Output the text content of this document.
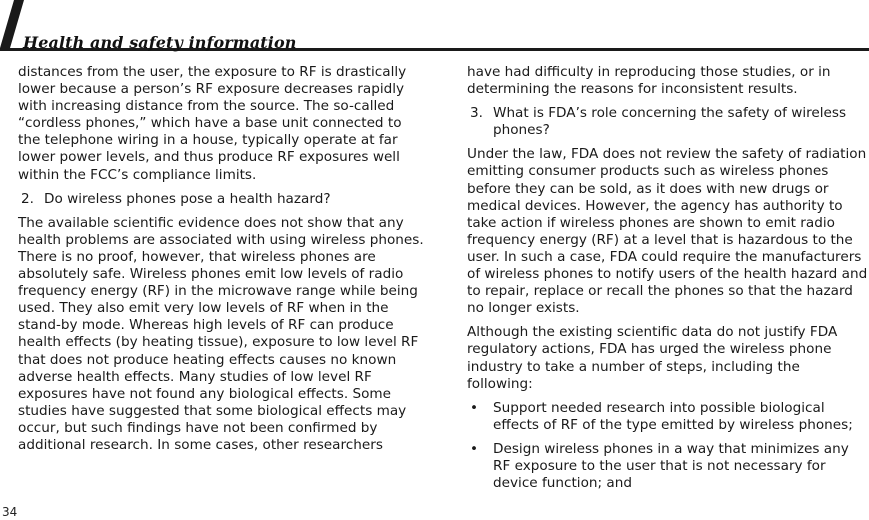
Health and safety information

distances from the user, the exposure to RF is drastically lower because a person’s RF exposure decreases rapidly with increasing distance from the source. The so-called “cordless phones,” which have a base unit connected to the telephone wiring in a house, typically operate at far lower power levels, and thus produce RF exposures well within the FCC’s compliance limits.

2. Do wireless phones pose a health hazard?

The available scientific evidence does not show that any health problems are associated with using wireless phones. There is no proof, however, that wireless phones are absolutely safe. Wireless phones emit low levels of radio frequency energy (RF) in the microwave range while being used. They also emit very low levels of RF when in the stand-by mode. Whereas high levels of RF can produce health effects (by heating tissue), exposure to low level RF that does not produce heating effects causes no known adverse health effects. Many studies of low level RF exposures have not found any biological effects. Some studies have suggested that some biological effects may occur, but such findings have not been confirmed by additional research. In some cases, other researchers

have had difficulty in reproducing those studies, or in determining the reasons for inconsistent results.

3. What is FDA’s role concerning the safety of wireless phones?

Under the law, FDA does not review the safety of radiation emitting consumer products such as wireless phones before they can be sold, as it does with new drugs or medical devices. However, the agency has authority to take action if wireless phones are shown to emit radio frequency energy (RF) at a level that is hazardous to the user. In such a case, FDA could require the manufacturers of wireless phones to notify users of the health hazard and to repair, replace or recall the phones so that the hazard no longer exists.

Although the existing scientific data do not justify FDA regulatory actions, FDA has urged the wireless phone industry to take a number of steps, including the following:

•	Support needed research into possible biological effects of RF of the type emitted by wireless phones;
•	Design wireless phones in a way that minimizes any RF exposure to the user that is not necessary for device function; and
34
